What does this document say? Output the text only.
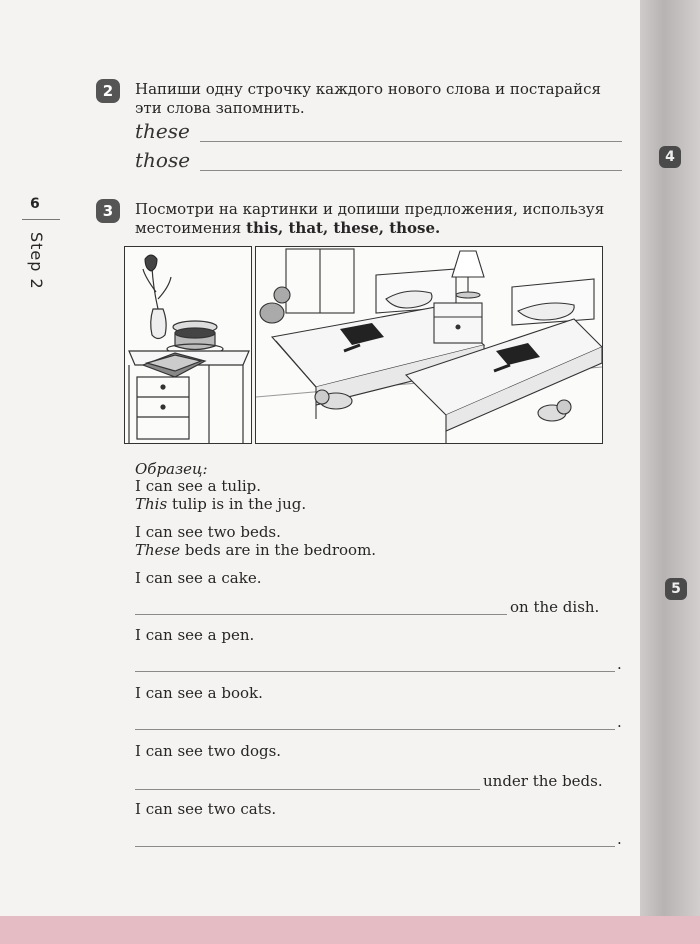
4
5
6
Step 2
2	Напиши одну строчку каждого нового слова и постарайся эти слова запомнить.
these
those
3	Посмотри на картинки и допиши предложения, используя местоимения this, that, these, those.
Образец:
I can see a tulip.
This tulip is in the jug.
I can see two beds.
These beds are in the bedroom.
I can see a cake.
on the dish.
I can see a pen.
.
I can see a book.
.
I can see two dogs.
under the beds.
I can see two cats.
.
